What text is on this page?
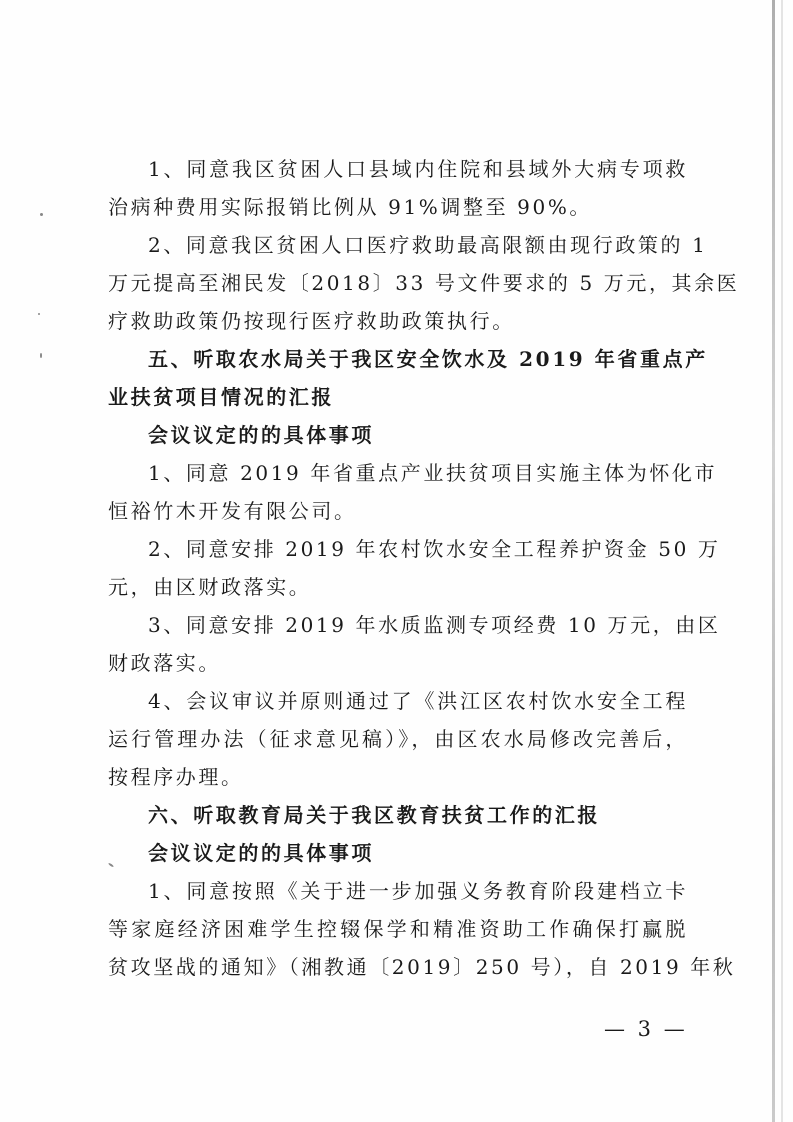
1、同意我区贫困人口县域内住院和县域外大病专项救
治病种费用实际报销比例从 91%调整至 90%。
2、同意我区贫困人口医疗救助最高限额由现行政策的 1
万元提高至湘民发〔2018〕33 号文件要求的 5 万元，其余医
疗救助政策仍按现行医疗救助政策执行。
五、听取农水局关于我区安全饮水及 2019 年省重点产
业扶贫项目情况的汇报
会议议定的的具体事项
1、同意 2019 年省重点产业扶贫项目实施主体为怀化市
恒裕竹木开发有限公司。
2、同意安排 2019 年农村饮水安全工程养护资金 50 万
元，由区财政落实。
3、同意安排 2019 年水质监测专项经费 10 万元，由区
财政落实。
4、会议审议并原则通过了《洪江区农村饮水安全工程
运行管理办法（征求意见稿）》，由区农水局修改完善后，
按程序办理。
六、听取教育局关于我区教育扶贫工作的汇报
会议议定的的具体事项
1、同意按照《关于进一步加强义务教育阶段建档立卡
等家庭经济困难学生控辍保学和精准资助工作确保打赢脱
贫攻坚战的通知》（湘教通〔2019〕250 号），自 2019 年秋
— 3 —
